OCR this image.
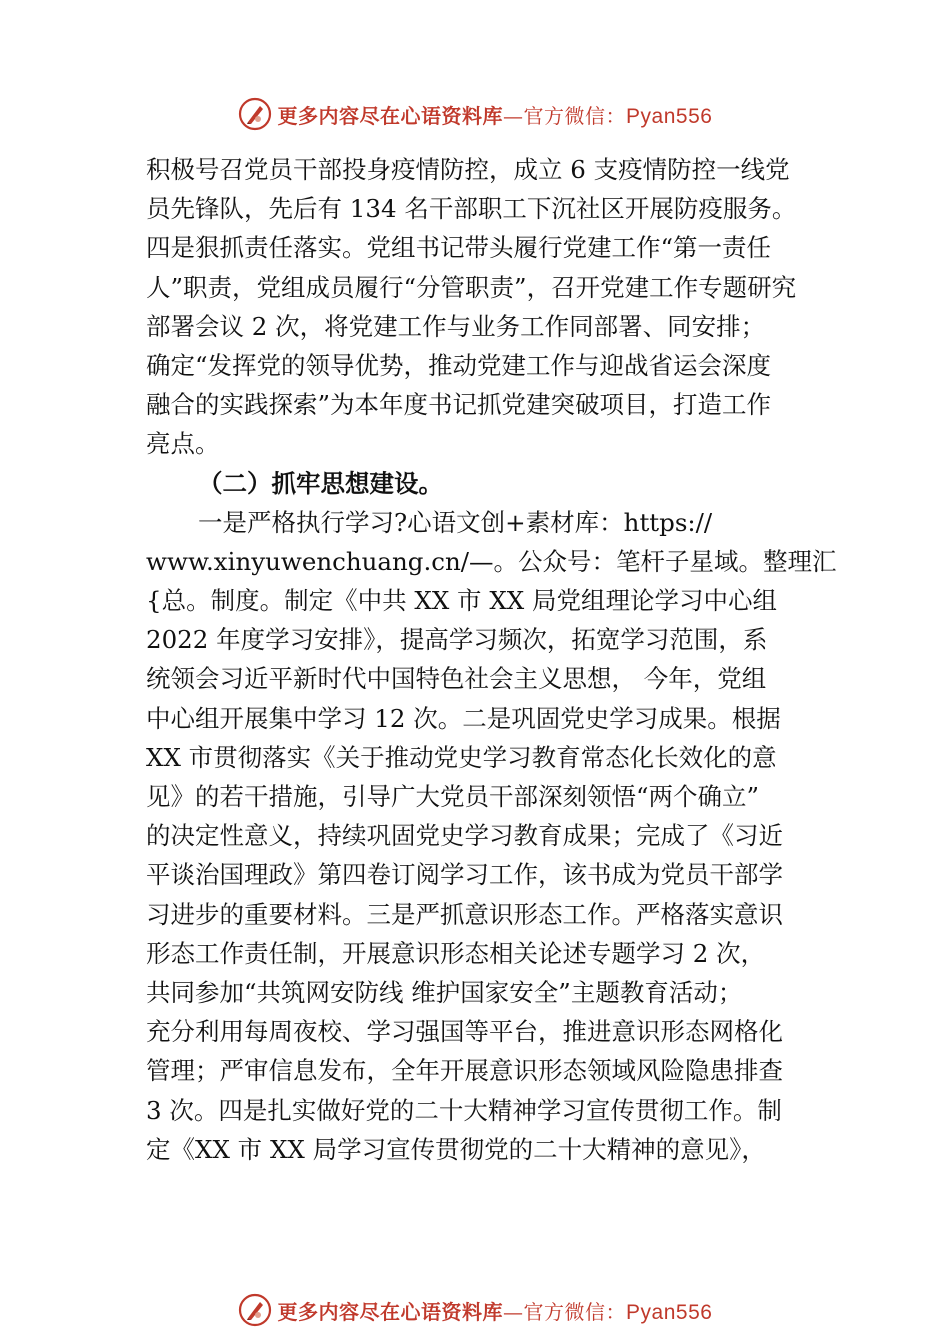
更多内容尽在心语资料库—官方微信：Pyan556
积极号召党员干部投身疫情防控，成立 6 支疫情防控一线党
员先锋队，先后有 134 名干部职工下沉社区开展防疫服务。
四是狠抓责任落实。党组书记带头履行党建工作“第一责任
人”职责，党组成员履行“分管职责”，召开党建工作专题研究
部署会议 2 次，将党建工作与业务工作同部署、同安排；
确定“发挥党的领导优势，推动党建工作与迎战省运会深度
融合的实践探索”为本年度书记抓党建突破项目，打造工作
亮点。
（二）抓牢思想建设。
一是严格执行学习?心语文创+素材库：https://
www.xinyuwenchuang.cn/—。公众号：笔杆子星域。整理汇
{总。制度。制定《中共 XX 市 XX 局党组理论学习中心组
2022 年度学习安排》，提高学习频次，拓宽学习范围，系
统领会习近平新时代中国特色社会主义思想， 今年，党组
中心组开展集中学习 12 次。二是巩固党史学习成果。根据
XX 市贯彻落实《关于推动党史学习教育常态化长效化的意
见》的若干措施，引导广大党员干部深刻领悟“两个确立”
的决定性意义，持续巩固党史学习教育成果；完成了《习近
平谈治国理政》第四卷订阅学习工作，该书成为党员干部学
习进步的重要材料。三是严抓意识形态工作。严格落实意识
形态工作责任制，开展意识形态相关论述专题学习 2 次，
共同参加“共筑网安防线 维护国家安全”主题教育活动；
充分利用每周夜校、学习强国等平台，推进意识形态网格化
管理；严审信息发布，全年开展意识形态领域风险隐患排查
3 次。四是扎实做好党的二十大精神学习宣传贯彻工作。制
定《XX 市 XX 局学习宣传贯彻党的二十大精神的意见》，
更多内容尽在心语资料库—官方微信：Pyan556
